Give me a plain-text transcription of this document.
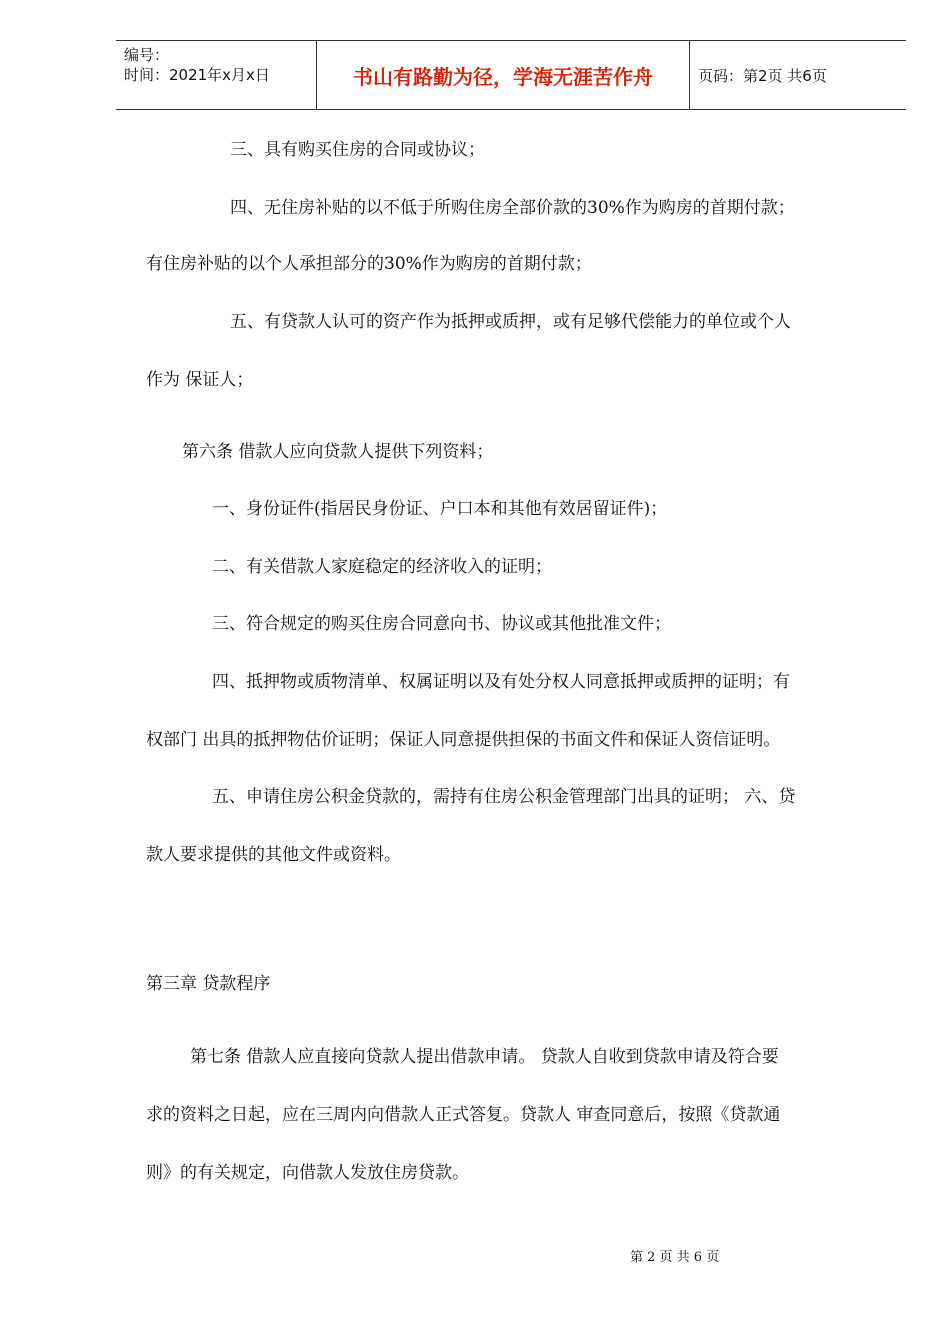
编号：
时间：2021年x月x日	书山有路勤为径，学海无涯苦作舟	页码：第2页 共6页
三、具有购买住房的合同或协议；
四、无住房补贴的以不低于所购住房全部价款的30%作为购房的首期付款；
有住房补贴的以个人承担部分的30%作为购房的首期付款；
五、有贷款人认可的资产作为抵押或质押，或有足够代偿能力的单位或个人
作为 保证人；
第六条 借款人应向贷款人提供下列资料；
一、身份证件(指居民身份证、户口本和其他有效居留证件)；
二、有关借款人家庭稳定的经济收入的证明；
三、符合规定的购买住房合同意向书、协议或其他批准文件；
四、抵押物或质物清单、权属证明以及有处分权人同意抵押或质押的证明；有
权部门 出具的抵押物估价证明；保证人同意提供担保的书面文件和保证人资信证明。
五、申请住房公积金贷款的，需持有住房公积金管理部门出具的证明； 六、贷
款人要求提供的其他文件或资料。
第三章 贷款程序
第七条 借款人应直接向贷款人提出借款申请。 贷款人自收到贷款申请及符合要
求的资料之日起，应在三周内向借款人正式答复。贷款人 审查同意后，按照《贷款通
则》的有关规定，向借款人发放住房贷款。
第 2 页 共 6 页
